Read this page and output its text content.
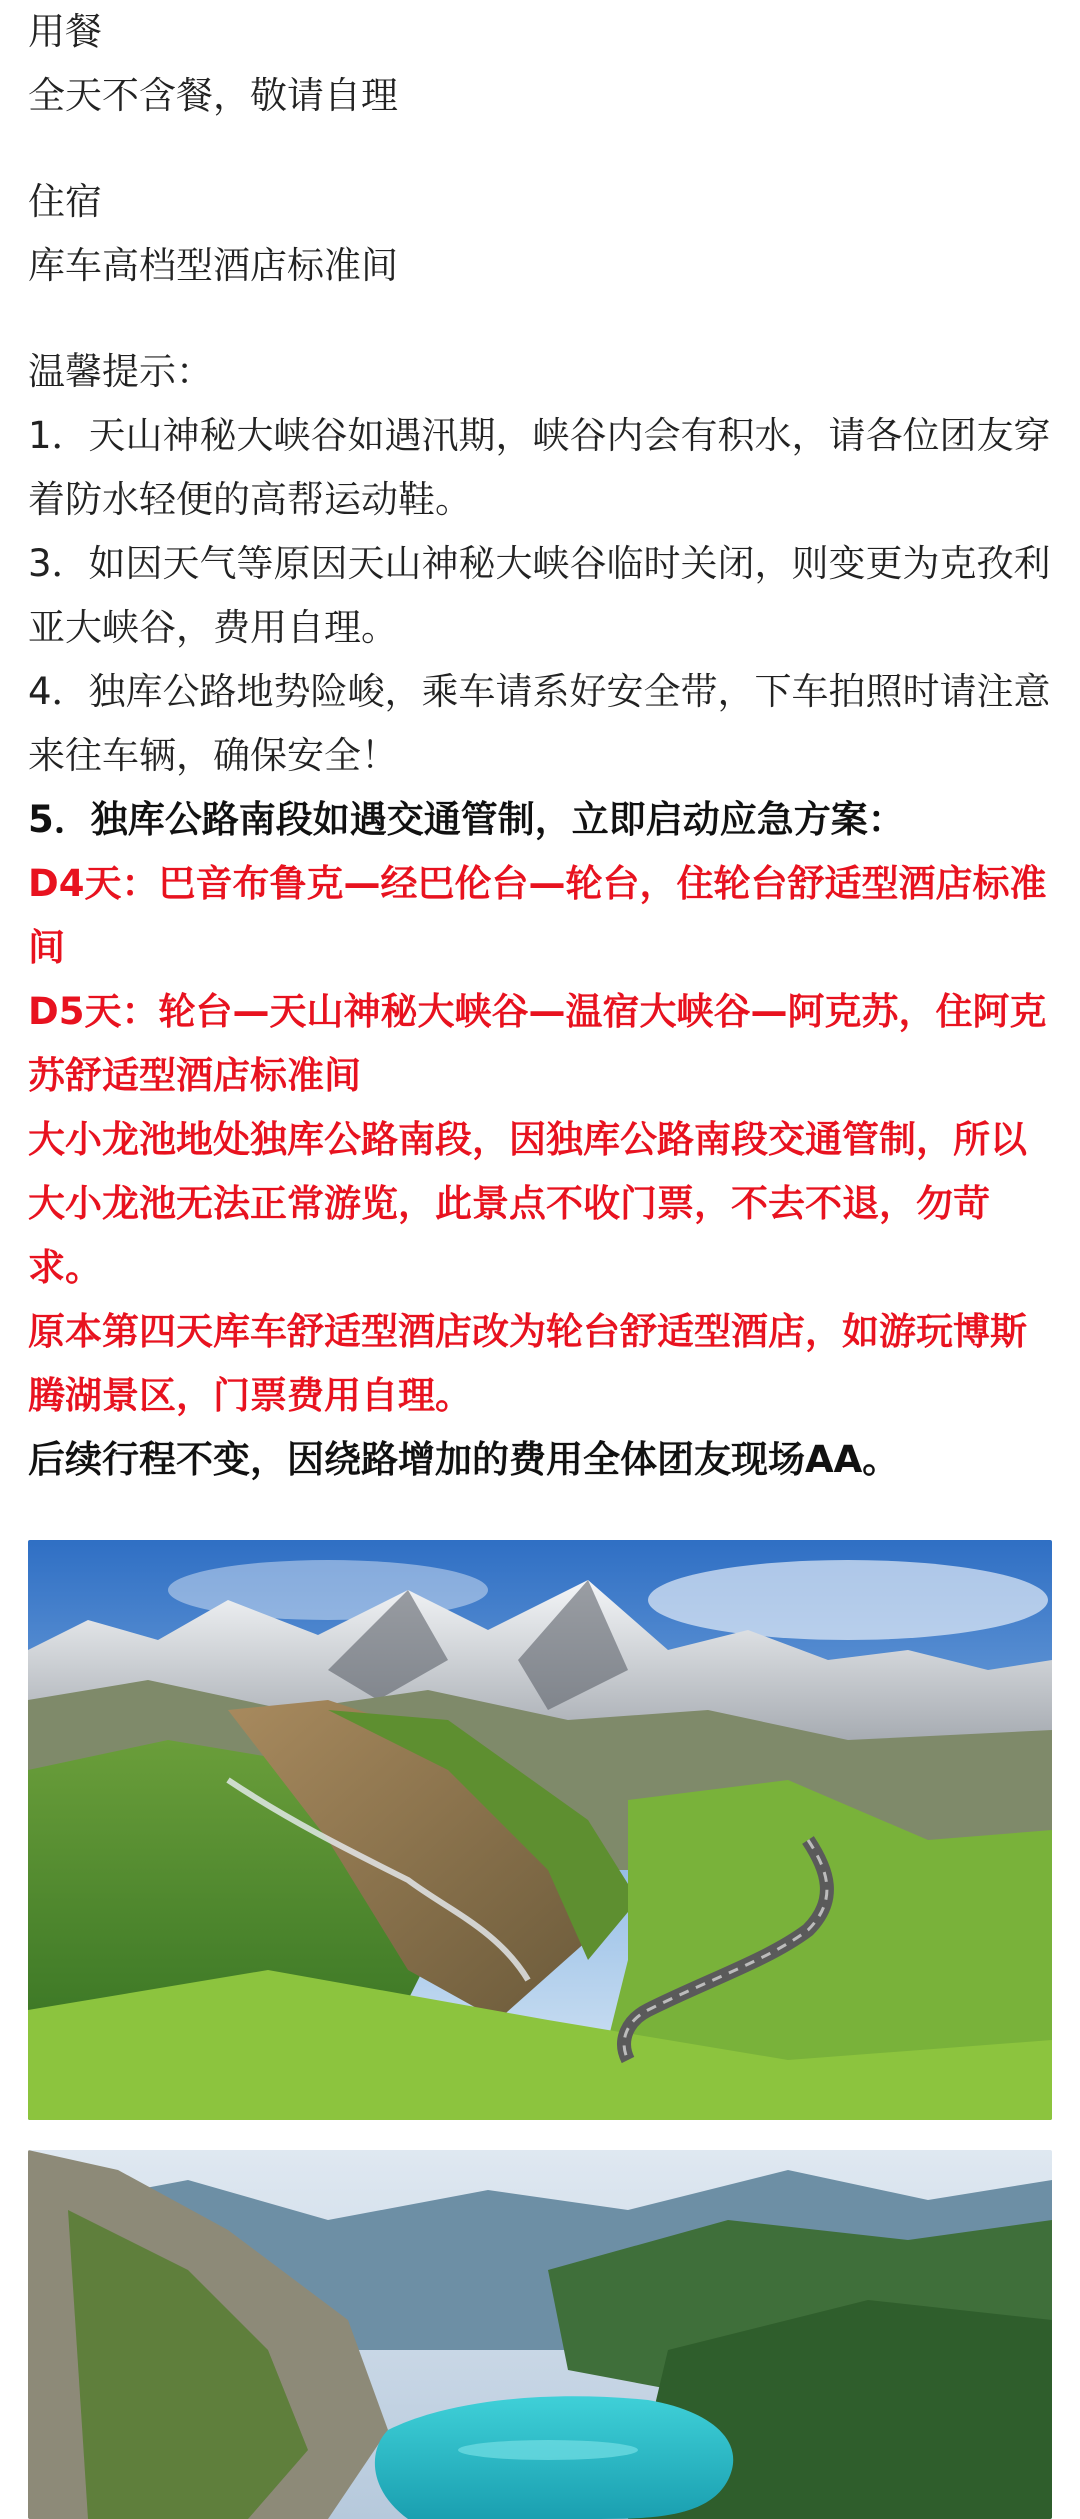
用餐

全天不含餐，敬请自理

住宿

库车高档型酒店标准间

温馨提示：

1．天山神秘大峡谷如遇汛期，峡谷内会有积水，请各位团友穿着防水轻便的高帮运动鞋。

3．如因天气等原因天山神秘大峡谷临时关闭，则变更为克孜利亚大峡谷，费用自理。

4．独库公路地势险峻，乘车请系好安全带，下车拍照时请注意来往车辆，确保安全！

5．独库公路南段如遇交通管制，立即启动应急方案：

D4天：巴音布鲁克—经巴伦台—轮台，住轮台舒适型酒店标准间

D5天：轮台—天山神秘大峡谷—温宿大峡谷—阿克苏，住阿克苏舒适型酒店标准间

大小龙池地处独库公路南段，因独库公路南段交通管制，所以大小龙池无法正常游览，此景点不收门票，不去不退，勿苛求。

原本第四天库车舒适型酒店改为轮台舒适型酒店，如游玩博斯腾湖景区，门票费用自理。

后续行程不变，因绕路增加的费用全体团友现场AA。
